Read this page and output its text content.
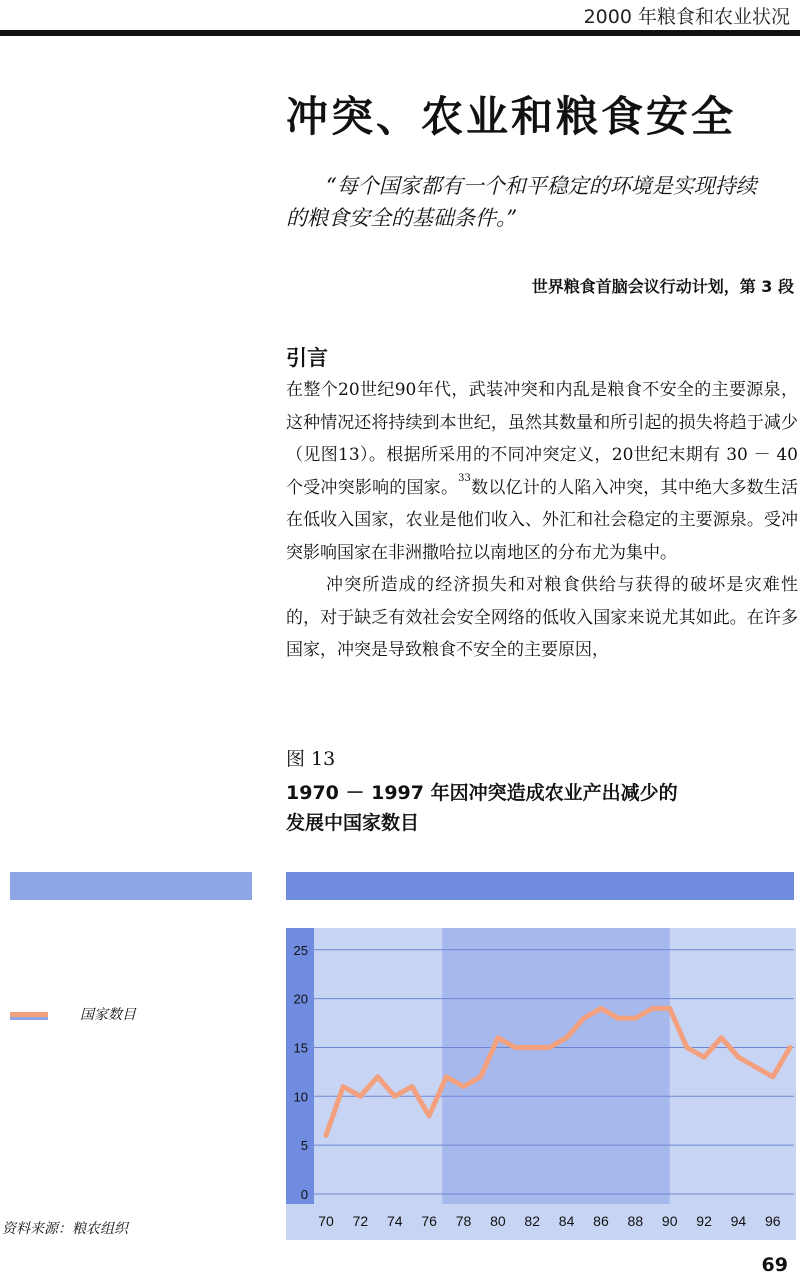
2000 年粮食和农业状况
冲突、农业和粮食安全
“每个国家都有一个和平稳定的环境是实现持续
的粮食安全的基础条件。”
世界粮食首脑会议行动计划，第 3 段
引言

在整个20世纪90年代，武装冲突和内乱是粮食不安全的主要源泉，这种情况还将持续到本世纪，虽然其数量和所引起的损失将趋于减少（见图13）。根据所采用的不同冲突定义，20世纪末期有 30 － 40 个受冲突影响的国家。$^{33}$数以亿计的人陷入冲突，其中绝大多数生活在低收入国家，农业是他们收入、外汇和社会稳定的主要源泉。受冲突影响国家在非洲撒哈拉以南地区的分布尤为集中。

冲突所造成的经济损失和对粮食供给与获得的破坏是灾难性的，对于缺乏有效社会安全网络的低收入国家来说尤其如此。在许多国家，冲突是导致粮食不安全的主要原因，

图 13
1970 － 1997 年因冲突造成农业产出减少的
发展中国家数目
国家数目
资料来源：粮农组织
0
5
10
15
20
25
70 72 74 76 78 80 82 84 86 88 90 92 94 96
69
